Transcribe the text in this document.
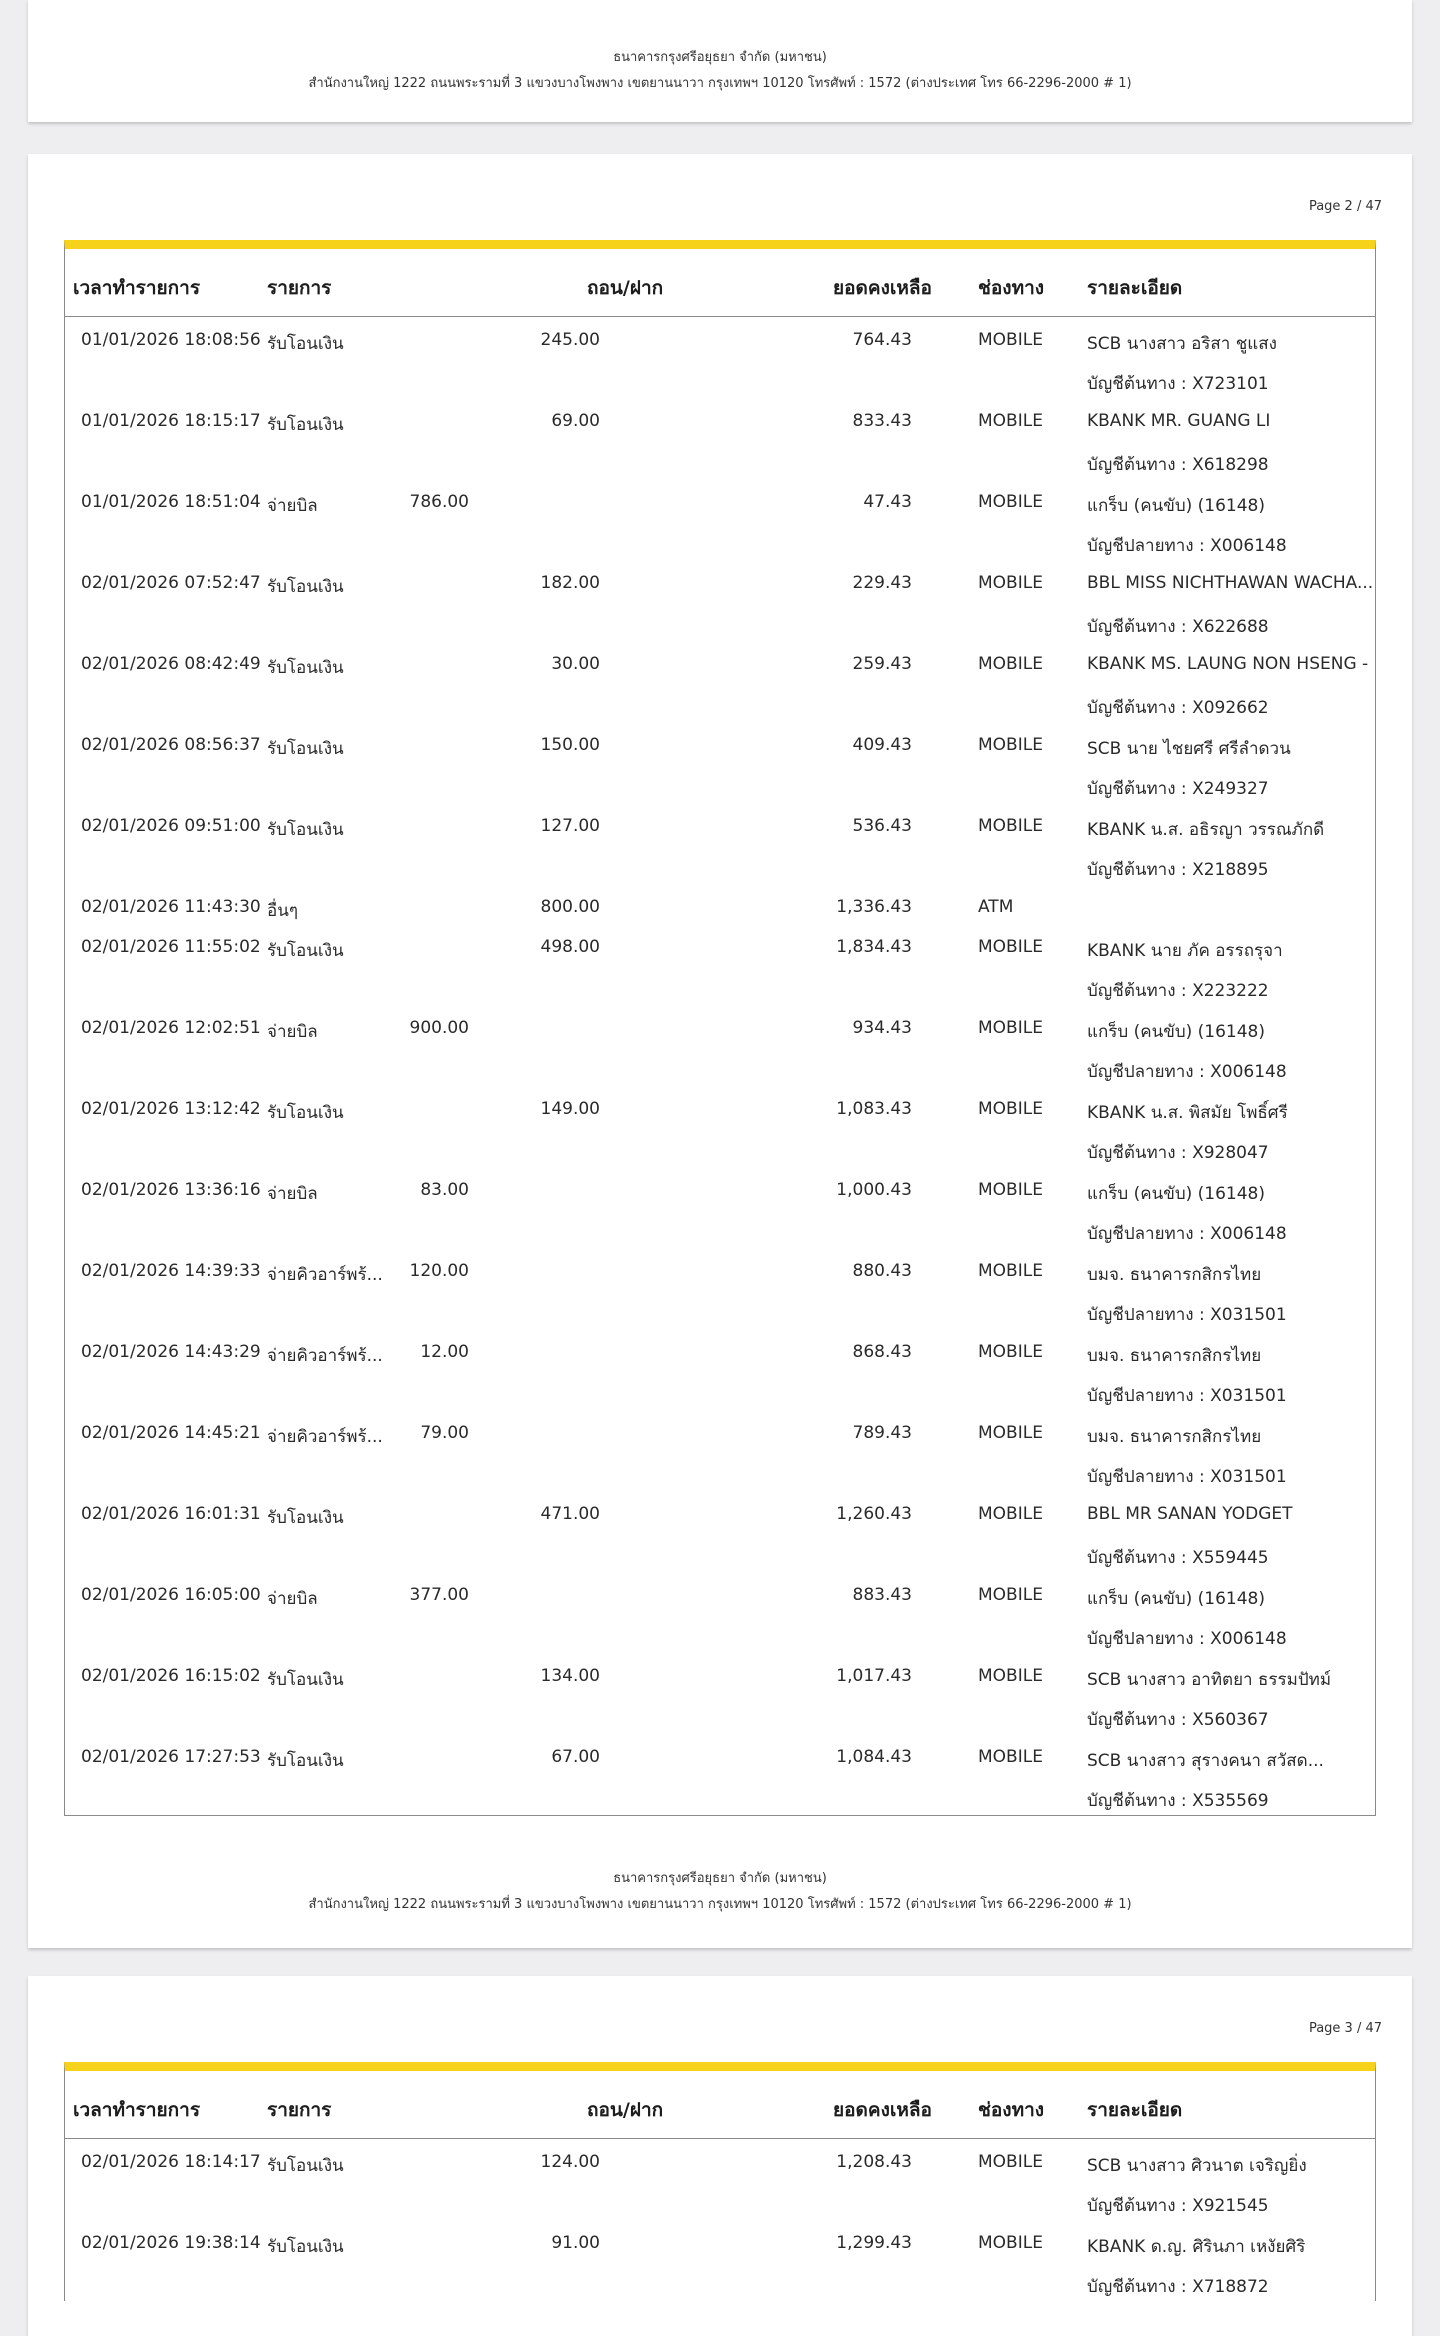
ธนาคารกรุงศรีอยุธยา จำกัด (มหาชน)
สำนักงานใหญ่ 1222 ถนนพระรามที่ 3 แขวงบางโพงพาง เขตยานนาวา กรุงเทพฯ 10120 โทรศัพท์ : 1572 (ต่างประเทศ โทร 66-2296-2000 # 1)
Page 2 / 47
เวลาทำรายการ	รายการ	ถอน/ฝาก	ยอดคงเหลือ ช่องทาง รายละเอียด
01/01/2026 18:08:56 รับโอนเงิน	245.00	764.43	MOBILE	SCB นางสาว อริสา ชูแสง
บัญชีต้นทาง : X723101
01/01/2026 18:15:17 รับโอนเงิน	69.00	833.43	MOBILE	KBANK MR. GUANG LI
บัญชีต้นทาง : X618298
01/01/2026 18:51:04 จ่ายบิล	786.00	47.43	MOBILE	แกร็บ (คนขับ) (16148)
บัญชีปลายทาง : X006148
02/01/2026 07:52:47 รับโอนเงิน	182.00	229.43	MOBILE	BBL MISS NICHTHAWAN WACHA...
บัญชีต้นทาง : X622688
02/01/2026 08:42:49 รับโอนเงิน	30.00	259.43	MOBILE	KBANK MS. LAUNG NON HSENG -
บัญชีต้นทาง : X092662
02/01/2026 08:56:37 รับโอนเงิน	150.00	409.43	MOBILE	SCB นาย ไชยศรี ศรีลำดวน
บัญชีต้นทาง : X249327
02/01/2026 09:51:00 รับโอนเงิน	127.00	536.43	MOBILE	KBANK น.ส. อธิรญา วรรณภักดี
บัญชีต้นทาง : X218895
02/01/2026 11:43:30 อื่นๆ	800.00	1,336.43	ATM
02/01/2026 11:55:02 รับโอนเงิน	498.00	1,834.43	MOBILE	KBANK นาย ภัค อรรถรุจา
บัญชีต้นทาง : X223222
02/01/2026 12:02:51 จ่ายบิล	900.00	934.43	MOBILE	แกร็บ (คนขับ) (16148)
บัญชีปลายทาง : X006148
02/01/2026 13:12:42 รับโอนเงิน	149.00	1,083.43	MOBILE	KBANK น.ส. พิสมัย โพธิ์ศรี
บัญชีต้นทาง : X928047
02/01/2026 13:36:16 จ่ายบิล	83.00	1,000.43	MOBILE	แกร็บ (คนขับ) (16148)
บัญชีปลายทาง : X006148
02/01/2026 14:39:33 จ่ายคิวอาร์พร้... 120.00	880.43	MOBILE	บมจ. ธนาคารกสิกรไทย
บัญชีปลายทาง : X031501
02/01/2026 14:43:29 จ่ายคิวอาร์พร้... 12.00	868.43	MOBILE	บมจ. ธนาคารกสิกรไทย
บัญชีปลายทาง : X031501
02/01/2026 14:45:21 จ่ายคิวอาร์พร้... 79.00	789.43	MOBILE	บมจ. ธนาคารกสิกรไทย
บัญชีปลายทาง : X031501
02/01/2026 16:01:31 รับโอนเงิน	471.00	1,260.43	MOBILE	BBL MR SANAN YODGET
บัญชีต้นทาง : X559445
02/01/2026 16:05:00 จ่ายบิล	377.00	883.43	MOBILE	แกร็บ (คนขับ) (16148)
บัญชีปลายทาง : X006148
02/01/2026 16:15:02 รับโอนเงิน	134.00	1,017.43	MOBILE	SCB นางสาว อาทิตยา ธรรมปัทม์
บัญชีต้นทาง : X560367
02/01/2026 17:27:53 รับโอนเงิน	67.00	1,084.43	MOBILE	SCB นางสาว สุรางคนา สวัสด...
บัญชีต้นทาง : X535569
ธนาคารกรุงศรีอยุธยา จำกัด (มหาชน)
สำนักงานใหญ่ 1222 ถนนพระรามที่ 3 แขวงบางโพงพาง เขตยานนาวา กรุงเทพฯ 10120 โทรศัพท์ : 1572 (ต่างประเทศ โทร 66-2296-2000 # 1)
Page 3 / 47
เวลาทำรายการ	รายการ	ถอน/ฝาก	ยอดคงเหลือ ช่องทาง รายละเอียด
02/01/2026 18:14:17 รับโอนเงิน	124.00	1,208.43	MOBILE	SCB นางสาว ศิวนาต เจริญยิ่ง
บัญชีต้นทาง : X921545
02/01/2026 19:38:14 รับโอนเงิน	91.00	1,299.43	MOBILE	KBANK ด.ญ. ศิรินภา เหงัยศิริ
บัญชีต้นทาง : X718872
